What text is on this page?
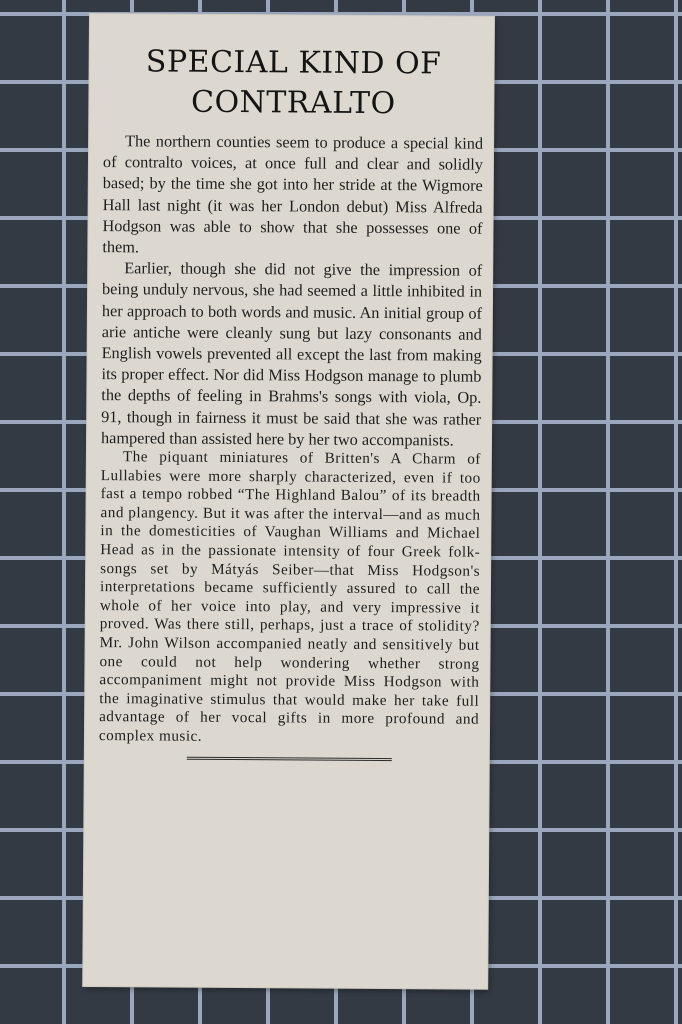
SPECIAL KIND OF CONTRALTO

The northern counties seem to produce a special kind of contralto voices, at once full and clear and solidly based; by the time she got into her stride at the Wigmore Hall last night (it was her London debut) Miss Alfreda Hodgson was able to show that she possesses one of them.

Earlier, though she did not give the impression of being unduly nervous, she had seemed a little inhibited in her approach to both words and music. An initial group of arie antiche were cleanly sung but lazy consonants and English vowels prevented all except the last from making its proper effect. Nor did Miss Hodgson manage to plumb the depths of feeling in Brahms's songs with viola, Op. 91, though in fairness it must be said that she was rather hampered than assisted here by her two accompanists.

The piquant miniatures of Britten's A Charm of Lullabies were more sharply characterized, even if too fast a tempo robbed “The Highland Balou” of its breadth and plangency. But it was after the interval—and as much in the domesticities of Vaughan Williams and Michael Head as in the passionate intensity of four Greek folk-songs set by Mátyás Seiber—that Miss Hodgson's interpretations became sufficiently assured to call the whole of her voice into play, and very impressive it proved. Was there still, perhaps, just a trace of stolidity? Mr. John Wilson accompanied neatly and sensitively but one could not help wondering whether strong accompaniment might not provide Miss Hodgson with the imaginative stimulus that would make her take full advantage of her vocal gifts in more profound and complex music.
